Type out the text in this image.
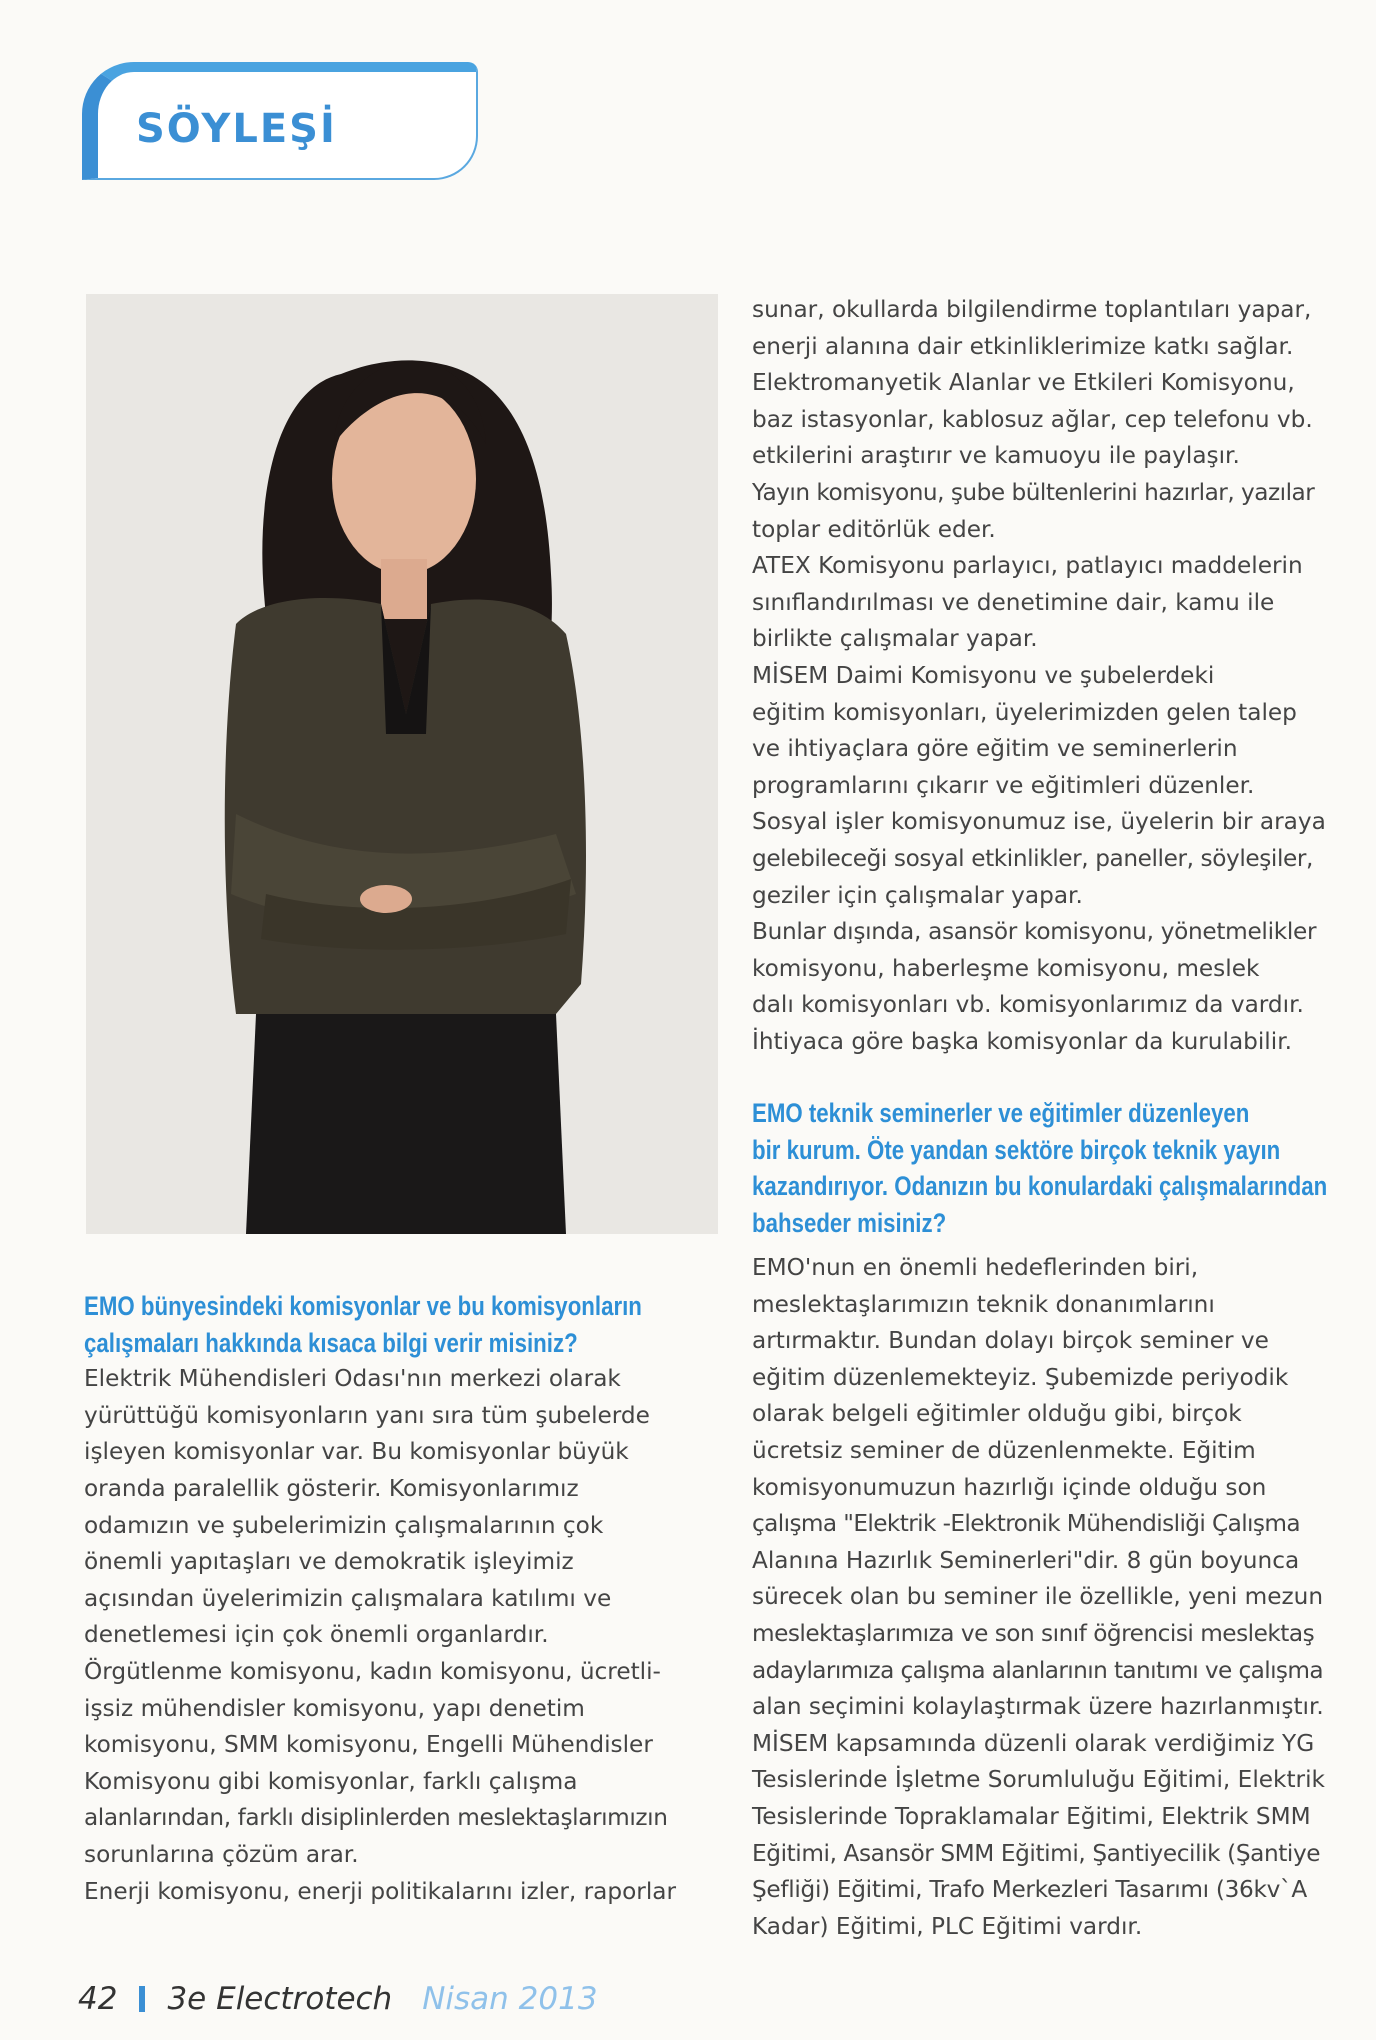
SÖYLEŞİ

EMO bünyesindeki komisyonlar ve bu komisyonların

çalışmaları hakkında kısaca bilgi verir misiniz?

Elektrik Mühendisleri Odası'nın merkezi olarak

yürüttüğü komisyonların yanı sıra tüm şubelerde

işleyen komisyonlar var. Bu komisyonlar büyük

oranda paralellik gösterir. Komisyonlarımız

odamızın ve şubelerimizin çalışmalarının çok

önemli yapıtaşları ve demokratik işleyimiz

açısından üyelerimizin çalışmalara katılımı ve

denetlemesi için çok önemli organlardır.

Örgütlenme komisyonu, kadın komisyonu, ücretli-

işsiz mühendisler komisyonu, yapı denetim

komisyonu, SMM komisyonu, Engelli Mühendisler

Komisyonu gibi komisyonlar, farklı çalışma

alanlarından, farklı disiplinlerden meslektaşlarımızın

sorunlarına çözüm arar.

Enerji komisyonu, enerji politikalarını izler, raporlar

sunar, okullarda bilgilendirme toplantıları yapar,

enerji alanına dair etkinliklerimize katkı sağlar.

Elektromanyetik Alanlar ve Etkileri Komisyonu,

baz istasyonlar, kablosuz ağlar, cep telefonu vb.

etkilerini araştırır ve kamuoyu ile paylaşır.

Yayın komisyonu, şube bültenlerini hazırlar, yazılar

toplar editörlük eder.

ATEX Komisyonu parlayıcı, patlayıcı maddelerin

sınıflandırılması ve denetimine dair, kamu ile

birlikte çalışmalar yapar.

MİSEM Daimi Komisyonu ve şubelerdeki

eğitim komisyonları, üyelerimizden gelen talep

ve ihtiyaçlara göre eğitim ve seminerlerin

programlarını çıkarır ve eğitimleri düzenler.

Sosyal işler komisyonumuz ise, üyelerin bir araya

gelebileceği sosyal etkinlikler, paneller, söyleşiler,

geziler için çalışmalar yapar.

Bunlar dışında, asansör komisyonu, yönetmelikler

komisyonu, haberleşme komisyonu, meslek

dalı komisyonları vb. komisyonlarımız da vardır.

İhtiyaca göre başka komisyonlar da kurulabilir.

EMO teknik seminerler ve eğitimler düzenleyen

bir kurum. Öte yandan sektöre birçok teknik yayın

kazandırıyor. Odanızın bu konulardaki çalışmalarından

bahseder misiniz?

EMO'nun en önemli hedeflerinden biri,

meslektaşlarımızın teknik donanımlarını

artırmaktır. Bundan dolayı birçok seminer ve

eğitim düzenlemekteyiz. Şubemizde periyodik

olarak belgeli eğitimler olduğu gibi, birçok

ücretsiz seminer de düzenlenmekte. Eğitim

komisyonumuzun hazırlığı içinde olduğu son

çalışma "Elektrik -Elektronik Mühendisliği Çalışma

Alanına Hazırlık Seminerleri"dir. 8 gün boyunca

sürecek olan bu seminer ile özellikle, yeni mezun

meslektaşlarımıza ve son sınıf öğrencisi meslektaş

adaylarımıza çalışma alanlarının tanıtımı ve çalışma

alan seçimini kolaylaştırmak üzere hazırlanmıştır.

MİSEM kapsamında düzenli olarak verdiğimiz YG

Tesislerinde İşletme Sorumluluğu Eğitimi, Elektrik

Tesislerinde Topraklamalar Eğitimi, Elektrik SMM

Eğitimi, Asansör SMM Eğitimi, Şantiyecilik (Şantiye

Şefliği) Eğitimi, Trafo Merkezleri Tasarımı (36kv`A

Kadar) Eğitimi, PLC Eğitimi vardır.

42 3e Electrotech Nisan 2013
